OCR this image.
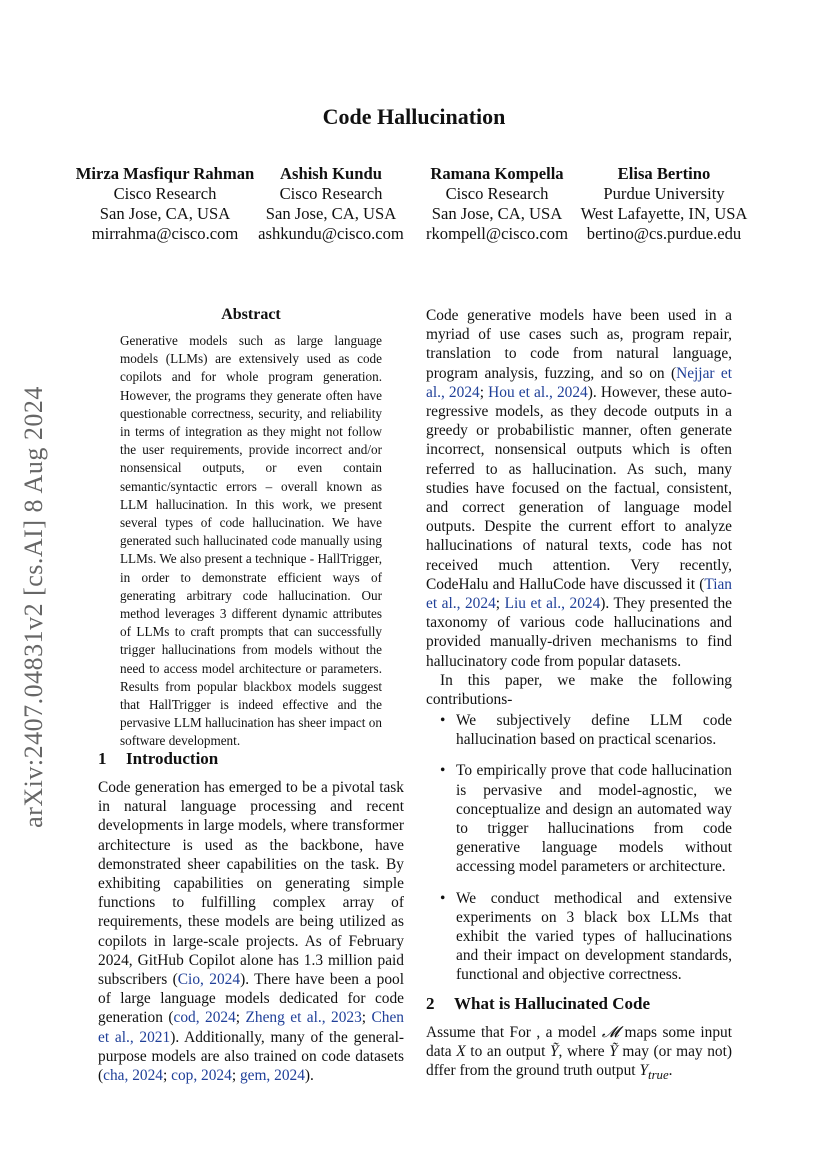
arXiv:2407.04831v2 [cs.AI] 8 Aug 2024
Code Hallucination
Mirza Masfiqur Rahman
Cisco Research
San Jose, CA, USA
mirrahma@cisco.com
Ashish Kundu
Cisco Research
San Jose, CA, USA
ashkundu@cisco.com
Ramana Kompella
Cisco Research
San Jose, CA, USA
rkompell@cisco.com
Elisa Bertino
Purdue University
West Lafayette, IN, USA
bertino@cs.purdue.edu
Abstract
Generative models such as large language models (LLMs) are extensively used as code copilots and for whole program generation. However, the programs they generate often have questionable correctness, security, and reliability in terms of integration as they might not follow the user requirements, provide incorrect and/or nonsensical outputs, or even contain semantic/syntactic errors – overall known as LLM hallucination. In this work, we present several types of code hallucination. We have generated such hallucinated code manually using LLMs. We also present a technique - HallTrigger, in order to demonstrate efficient ways of generating arbitrary code hallucination. Our method leverages 3 different dynamic attributes of LLMs to craft prompts that can successfully trigger hallucinations from models without the need to access model architecture or parameters. Results from popular blackbox models suggest that HallTrigger is indeed effective and the pervasive LLM hallucination has sheer impact on software development.
1 Introduction

Code generation has emerged to be a pivotal task in natural language processing and recent developments in large models, where transformer architecture is used as the backbone, have demonstrated sheer capabilities on the task. By exhibiting capabilities on generating simple functions to fulfilling complex array of requirements, these models are being utilized as copilots in large-scale projects. As of February 2024, GitHub Copilot alone has 1.3 million paid subscribers (Cio, 2024). There have been a pool of large language models dedicated for code generation (cod, 2024; Zheng et al., 2023; Chen et al., 2021). Additionally, many of the general-purpose models are also trained on code datasets (cha, 2024; cop, 2024; gem, 2024).

Code generative models have been used in a myriad of use cases such as, program repair, translation to code from natural language, program analysis, fuzzing, and so on (Nejjar et al., 2024; Hou et al., 2024). However, these auto-regressive models, as they decode outputs in a greedy or probabilistic manner, often generate incorrect, nonsensical outputs which is often referred to as hallucination. As such, many studies have focused on the factual, consistent, and correct generation of language model outputs. Despite the current effort to analyze hallucinations of natural texts, code has not received much attention. Very recently, CodeHalu and HalluCode have discussed it (Tian et al., 2024; Liu et al., 2024). They presented the taxonomy of various code hallucinations and provided manually-driven mechanisms to find hallucinatory code from popular datasets.

In this paper, we make the following contributions-

• We subjectively define LLM code hallucination based on practical scenarios.
• To empirically prove that code hallucination is pervasive and model-agnostic, we conceptualize and design an automated way to trigger hallucinations from code generative language models without accessing model parameters or architecture.
• We conduct methodical and extensive experiments on 3 black box LLMs that exhibit the varied types of hallucinations and their impact on development standards, functional and objective correctness.
2 What is Hallucinated Code

Assume that For , a model 𝓜 maps some input data X to an output Ỹ, where Ỹ may (or may not) dffer from the ground truth output $Y_{true}$.
